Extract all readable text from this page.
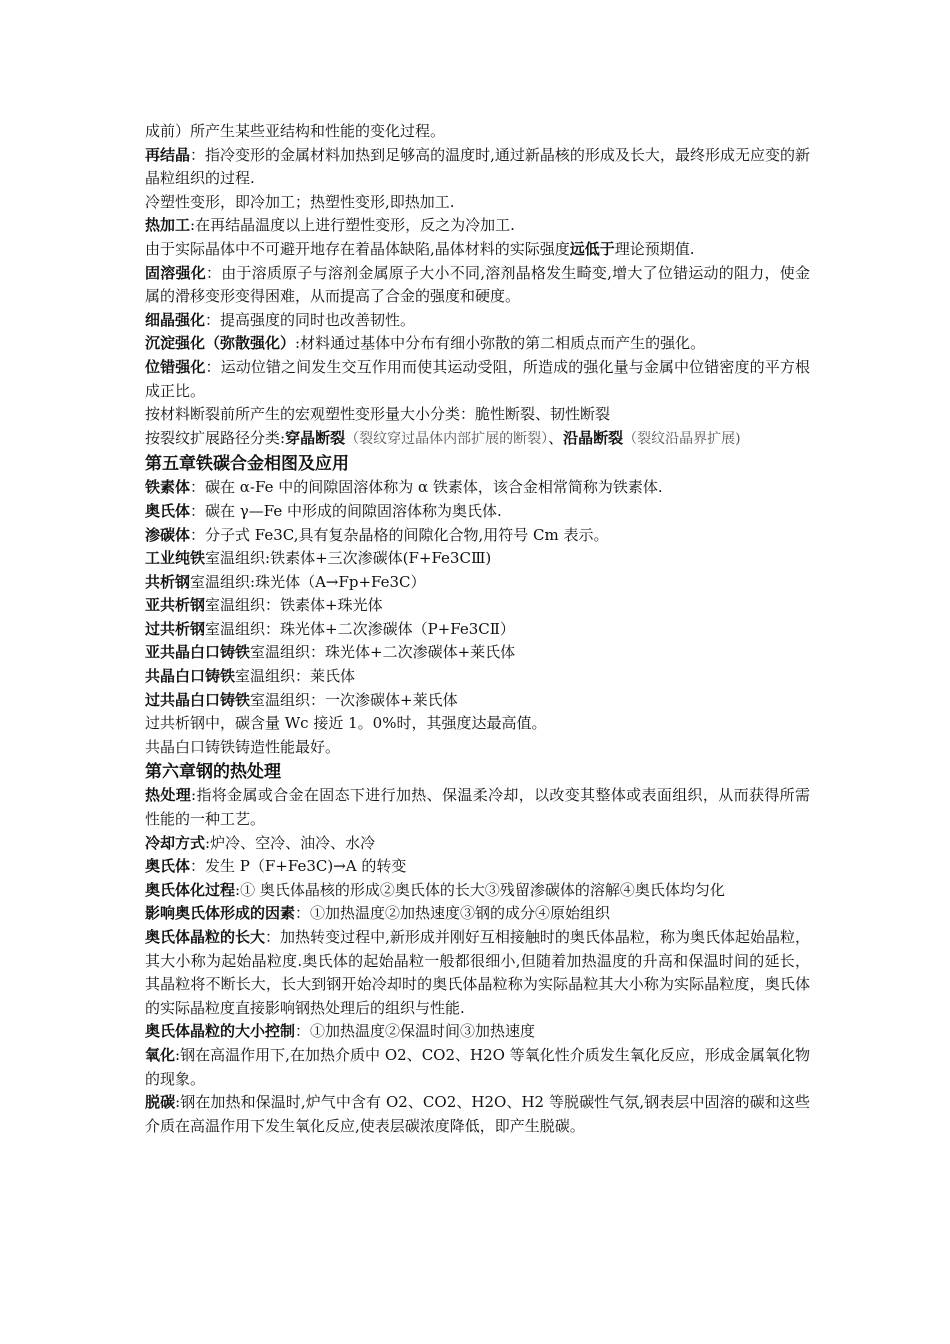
成前）所产生某些亚结构和性能的变化过程。

再结晶：指冷变形的金属材料加热到足够高的温度时,通过新晶核的形成及长大，最终形成无应变的新晶粒组织的过程.

冷塑性变形，即冷加工；热塑性变形,即热加工.

热加工:在再结晶温度以上进行塑性变形，反之为冷加工.

由于实际晶体中不可避开地存在着晶体缺陷,晶体材料的实际强度远低于理论预期值.

固溶强化：由于溶质原子与溶剂金属原子大小不同,溶剂晶格发生畸变,增大了位错运动的阻力，使金属的滑移变形变得困难，从而提高了合金的强度和硬度。

细晶强化：提高强度的同时也改善韧性。

沉淀强化（弥散强化）:材料通过基体中分布有细小弥散的第二相质点而产生的强化。

位错强化：运动位错之间发生交互作用而使其运动受阻，所造成的强化量与金属中位错密度的平方根成正比。

按材料断裂前所产生的宏观塑性变形量大小分类：脆性断裂、韧性断裂

按裂纹扩展路径分类:穿晶断裂（裂纹穿过晶体内部扩展的断裂）、沿晶断裂（裂纹沿晶界扩展)

第五章铁碳合金相图及应用

铁素体：碳在 α-Fe 中的间隙固溶体称为 α 铁素体，该合金相常简称为铁素体.

奥氏体：碳在 γ—Fe 中形成的间隙固溶体称为奥氏体.

渗碳体：分子式 Fe3C,具有复杂晶格的间隙化合物,用符号 Cm 表示。

工业纯铁室温组织:铁素体+三次渗碳体(F+Fe3CⅢ)

共析钢室温组织:珠光体（A→Fp+Fe3C）

亚共析钢室温组织：铁素体+珠光体

过共析钢室温组织：珠光体+二次渗碳体（P+Fe3CⅡ）

亚共晶白口铸铁室温组织：珠光体+二次渗碳体+莱氏体

共晶白口铸铁室温组织：莱氏体

过共晶白口铸铁室温组织：一次渗碳体+莱氏体

过共析钢中，碳含量 Wc 接近 1。0%时，其强度达最高值。

共晶白口铸铁铸造性能最好。

第六章钢的热处理

热处理:指将金属或合金在固态下进行加热、保温柔冷却，以改变其整体或表面组织，从而获得所需性能的一种工艺。

冷却方式:炉冷、空冷、油冷、水冷

奥氏体：发生 P（F+Fe3C)→A 的转变

奥氏体化过程:① 奥氏体晶核的形成②奥氏体的长大③残留渗碳体的溶解④奥氏体均匀化

影响奥氏体形成的因素：①加热温度②加热速度③钢的成分④原始组织

奥氏体晶粒的长大：加热转变过程中,新形成并刚好互相接触时的奥氏体晶粒，称为奥氏体起始晶粒，其大小称为起始晶粒度.奥氏体的起始晶粒一般都很细小,但随着加热温度的升高和保温时间的延长，其晶粒将不断长大，长大到钢开始冷却时的奥氏体晶粒称为实际晶粒其大小称为实际晶粒度，奥氏体的实际晶粒度直接影响钢热处理后的组织与性能.

奥氏体晶粒的大小控制：①加热温度②保温时间③加热速度

氧化:钢在高温作用下,在加热介质中 O2、CO2、H2O 等氧化性介质发生氧化反应，形成金属氧化物的现象。

脱碳:钢在加热和保温时,炉气中含有 O2、CO2、H2O、H2 等脱碳性气氛,钢表层中固溶的碳和这些介质在高温作用下发生氧化反应,使表层碳浓度降低，即产生脱碳。
